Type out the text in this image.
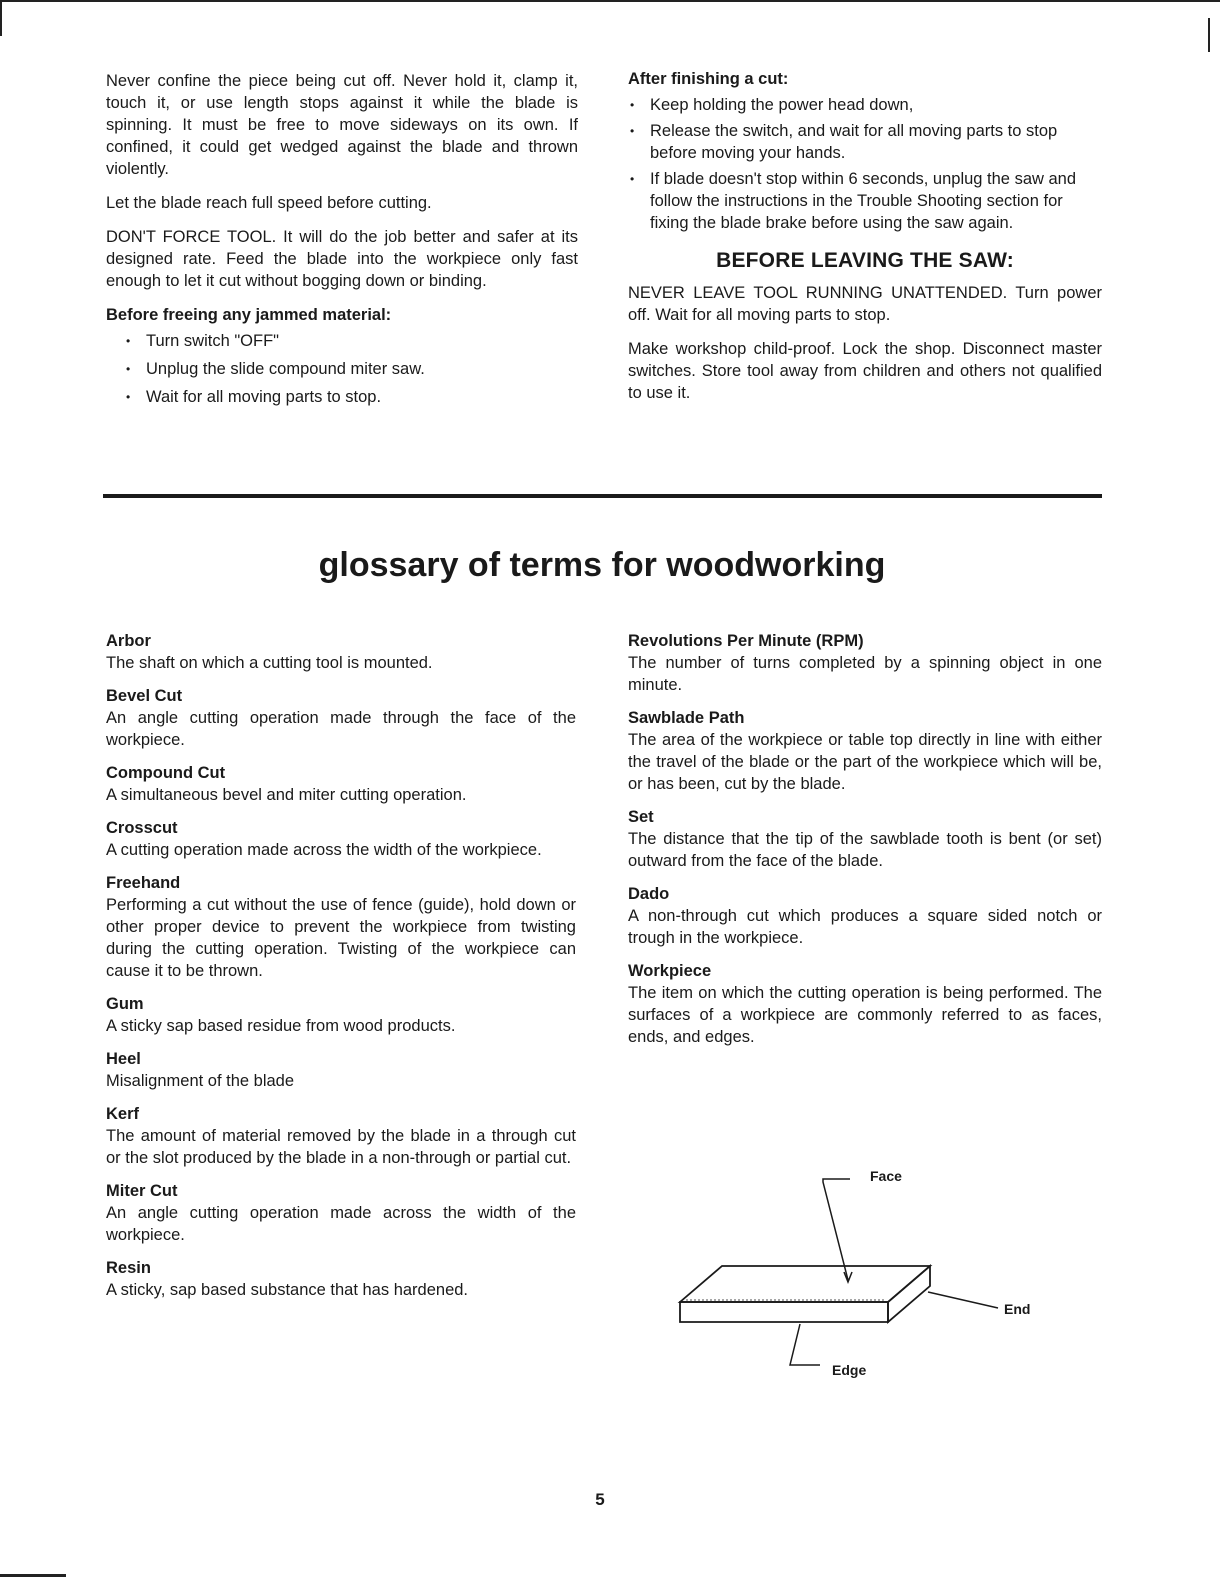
Never confine the piece being cut off. Never hold it, clamp it, touch it, or use length stops against it while the blade is spinning. It must be free to move sideways on its own. If confined, it could get wedged against the blade and thrown violently.

Let the blade reach full speed before cutting.

DON'T FORCE TOOL. It will do the job better and safer at its designed rate. Feed the blade into the workpiece only fast enough to let it cut without bogging down or binding.

Before freeing any jammed material:
• Turn switch "OFF"
• Unplug the slide compound miter saw.
• Wait for all moving parts to stop.
After finishing a cut:
• Keep holding the power head down,
• Release the switch, and wait for all moving parts to stop before moving your hands.
• If blade doesn't stop within 6 seconds, unplug the saw and follow the instructions in the Trouble Shooting section for fixing the blade brake before using the saw again.
BEFORE LEAVING THE SAW:

NEVER LEAVE TOOL RUNNING UNATTENDED. Turn power off. Wait for all moving parts to stop.

Make workshop child-proof. Lock the shop. Disconnect master switches. Store tool away from children and others not qualified to use it.

glossary of terms for woodworking
Arbor
The shaft on which a cutting tool is mounted.
Bevel Cut
An angle cutting operation made through the face of the workpiece.
Compound Cut
A simultaneous bevel and miter cutting operation.
Crosscut
A cutting operation made across the width of the workpiece.
Freehand
Performing a cut without the use of fence (guide), hold down or other proper device to prevent the workpiece from twisting during the cutting operation. Twisting of the workpiece can cause it to be thrown.
Gum
A sticky sap based residue from wood products.
Heel
Misalignment of the blade
Kerf
The amount of material removed by the blade in a through cut or the slot produced by the blade in a non-through or partial cut.
Miter Cut
An angle cutting operation made across the width of the workpiece.
Resin
A sticky, sap based substance that has hardened.
Revolutions Per Minute (RPM)
The number of turns completed by a spinning object in one minute.
Sawblade Path
The area of the workpiece or table top directly in line with either the travel of the blade or the part of the workpiece which will be, or has been, cut by the blade.
Set
The distance that the tip of the sawblade tooth is bent (or set) outward from the face of the blade.
Dado
A non-through cut which produces a square sided notch or trough in the workpiece.
Workpiece
The item on which the cutting operation is being performed. The surfaces of a workpiece are commonly referred to as faces, ends, and edges.
Face
End
Edge
5
